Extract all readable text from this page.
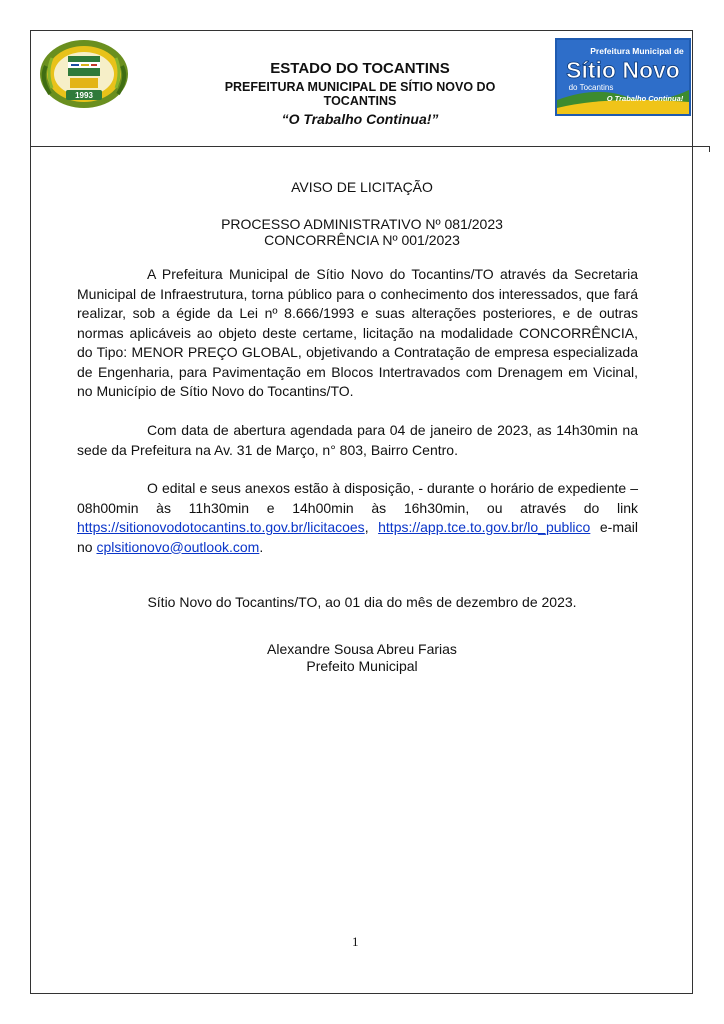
1993
ESTADO DO TOCANTINS
PREFEITURA MUNICIPAL DE SÍTIO NOVO DO
TOCANTINS
“O Trabalho Continua!”
Prefeitura Municipal de
Sítio Novo
do Tocantins
O Trabalho Continua!
AVISO DE LICITAÇÃO
PROCESSO ADMINISTRATIVO Nº 081/2023
CONCORRÊNCIA Nº 001/2023

A Prefeitura Municipal de Sítio Novo do Tocantins/TO através da Secretaria Municipal de Infraestrutura, torna público para o conhecimento dos interessados, que fará realizar, sob a égide da Lei nº 8.666/1993 e suas alterações posteriores, e de outras normas aplicáveis ao objeto deste certame, licitação na modalidade CONCORRÊNCIA, do Tipo: MENOR PREÇO GLOBAL, objetivando a Contratação de empresa especializada de Engenharia, para Pavimentação em Blocos Intertravados com Drenagem em Vicinal, no Município de Sítio Novo do Tocantins/TO.

Com data de abertura agendada para 04 de janeiro de 2023, as 14h30min na sede da Prefeitura na Av. 31 de Março, n° 803, Bairro Centro.

O edital e seus anexos estão à disposição, - durante o horário de expediente – 08h00min às 11h30min e 14h00min às 16h30min, ou através do link https://sitionovodotocantins.to.gov.br/licitacoes, https://app.tce.to.gov.br/lo_publico e-mail no cplsitionovo@outlook.com.

Sítio Novo do Tocantins/TO, ao 01 dia do mês de dezembro de 2023.
Alexandre Sousa Abreu Farias
Prefeito Municipal
1
